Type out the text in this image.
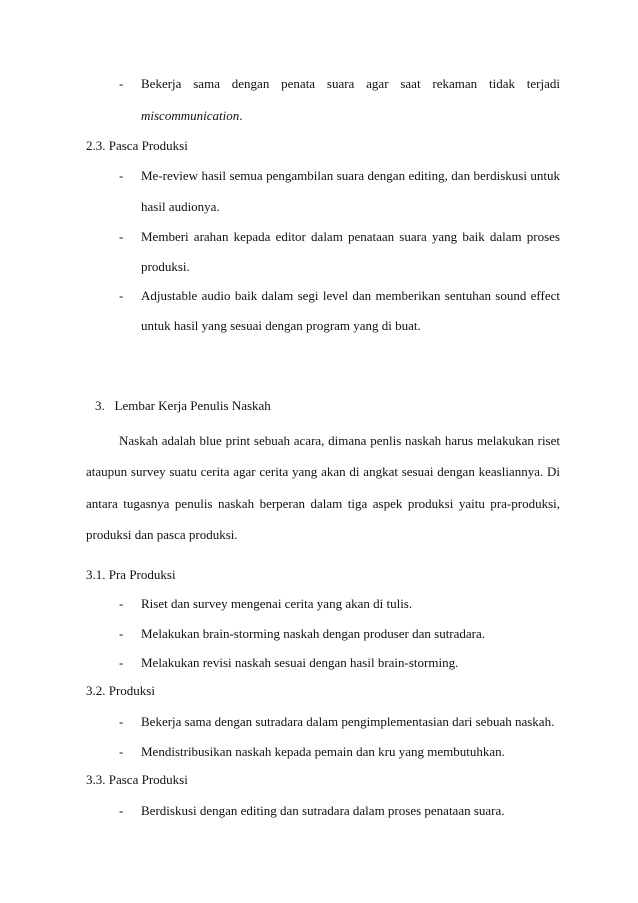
- Bekerja sama dengan penata suara agar saat rekaman tidak terjadi
miscommunication.
2.3. Pasca Produksi
- Me-review hasil semua pengambilan suara dengan editing, dan berdiskusi untuk
hasil audionya.
- Memberi arahan kepada editor dalam penataan suara yang baik dalam proses
produksi.
- Adjustable audio baik dalam segi level dan memberikan sentuhan sound effect
untuk hasil yang sesuai dengan program yang di buat.
3.   Lembar Kerja Penulis Naskah
Naskah adalah blue print sebuah acara, dimana penlis naskah harus melakukan riset
ataupun survey suatu cerita agar cerita yang akan di angkat sesuai dengan keasliannya. Di
antara tugasnya penulis naskah berperan dalam tiga aspek produksi yaitu pra-produksi,
produksi dan pasca produksi.
3.1. Pra Produksi
- Riset dan survey mengenai cerita yang akan di tulis.
- Melakukan brain-storming naskah dengan produser dan sutradara.
- Melakukan revisi naskah sesuai dengan hasil brain-storming.
3.2. Produksi
- Bekerja sama dengan sutradara dalam pengimplementasian dari sebuah naskah.
- Mendistribusikan naskah kepada pemain dan kru yang membutuhkan.
3.3. Pasca Produksi
- Berdiskusi dengan editing dan sutradara dalam proses penataan suara.
